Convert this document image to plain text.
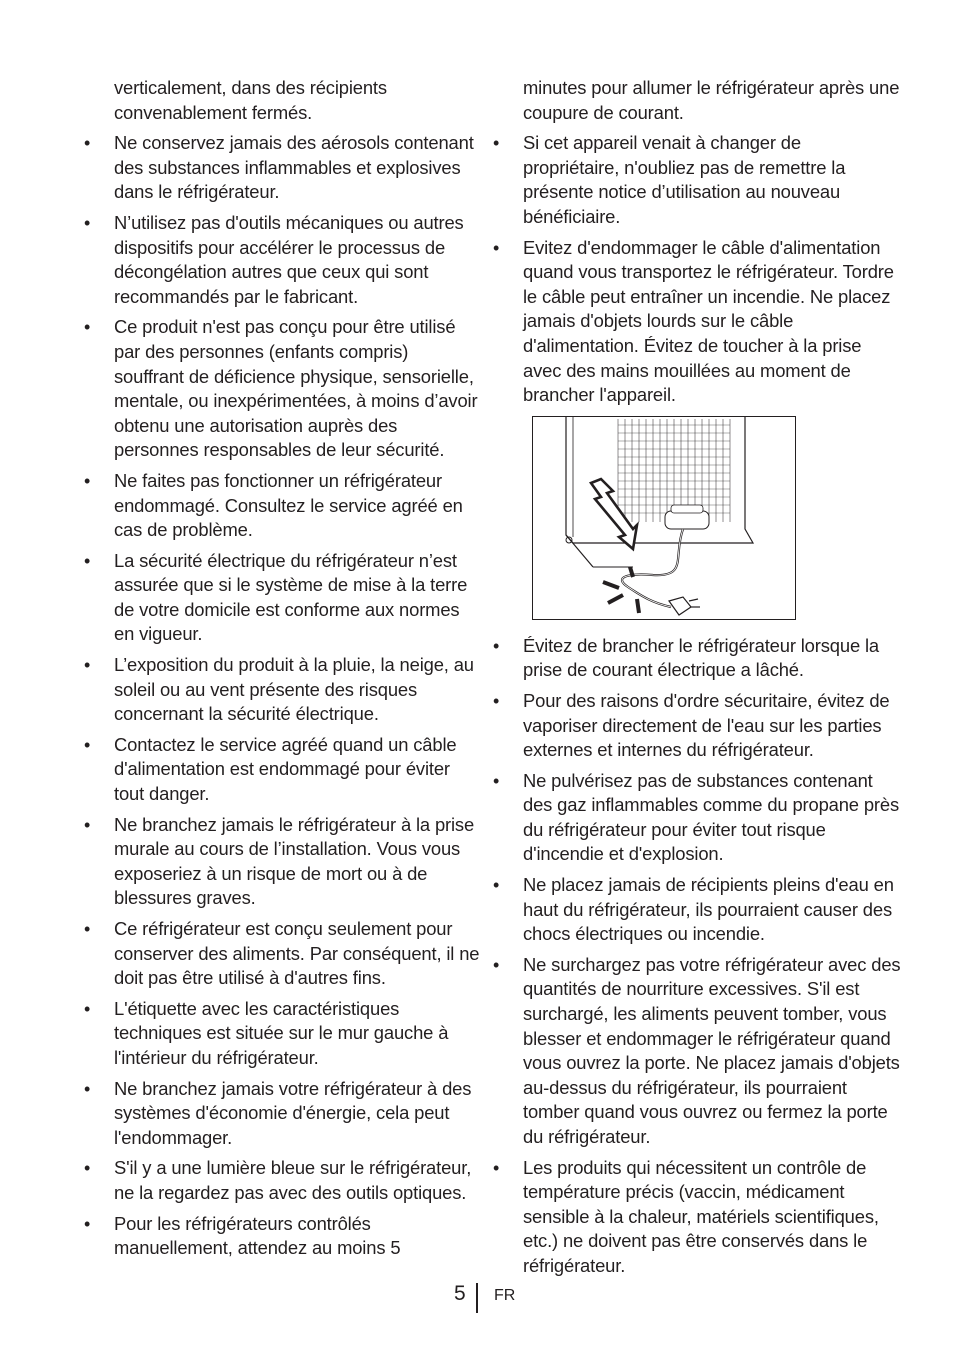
verticalement, dans des récipients convenablement fermés.

• Ne conservez jamais des aérosols contenant des substances inflammables et explosives dans le réfrigérateur.
• N’utilisez pas d'outils mécaniques ou autres dispositifs pour accélérer le processus de décongélation autres que ceux qui sont recommandés par le fabricant.
• Ce produit n'est pas conçu pour être utilisé par des personnes (enfants compris) souffrant de déficience physique, sensorielle, mentale, ou inexpérimentées, à moins d’avoir obtenu une autorisation auprès des personnes responsables de leur sécurité.
• Ne faites pas fonctionner un réfrigérateur endommagé. Consultez le service agréé en cas de problème.
• La sécurité électrique du réfrigérateur n’est assurée que si le système de mise à la terre de votre domicile est conforme aux normes en vigueur.
• L’exposition du produit à la pluie, la neige, au soleil ou au vent présente des risques concernant la sécurité électrique.
• Contactez le service agréé quand un câble d'alimentation est endommagé pour éviter tout danger.
• Ne branchez jamais le réfrigérateur à la prise murale au cours de l’installation. Vous vous exposeriez à un risque de mort ou à de blessures graves.
• Ce réfrigérateur est conçu seulement pour conserver des aliments. Par conséquent, il ne doit pas être utilisé à d'autres fins.
• L'étiquette avec les caractéristiques techniques est située sur le mur gauche à l'intérieur du réfrigérateur.
• Ne branchez jamais votre réfrigérateur à des systèmes d'économie d'énergie, cela peut l'endommager.
• S'il y a une lumière bleue sur le réfrigérateur, ne la regardez pas avec des outils optiques.
• Pour les réfrigérateurs contrôlés manuellement, attendez au moins 5

minutes pour allumer le réfrigérateur après une coupure de courant.

• Si cet appareil venait à changer de propriétaire, n'oubliez pas de remettre la présente notice d’utilisation au nouveau bénéficiaire.
• Evitez d'endommager le câble d'alimentation quand vous transportez le réfrigérateur. Tordre le câble peut entraîner un incendie. Ne placez jamais d'objets lourds sur le câble d'alimentation. Évitez de toucher à la prise avec des mains mouillées au moment de brancher l'appareil.
• Évitez de brancher le réfrigérateur lorsque la prise de courant électrique a lâché.
• Pour des raisons d'ordre sécuritaire, évitez de vaporiser directement de l'eau sur les parties externes et internes du réfrigérateur.
• Ne pulvérisez pas de substances contenant des gaz inflammables comme du propane près du réfrigérateur pour éviter tout risque d'incendie et d'explosion.
• Ne placez jamais de récipients pleins d'eau en haut du réfrigérateur, ils pourraient causer des chocs électriques ou incendie.
• Ne surchargez pas votre réfrigérateur avec des quantités de nourriture excessives. S'il est surchargé, les aliments peuvent tomber, vous blesser et endommager le réfrigérateur quand vous ouvrez la porte. Ne placez jamais d'objets au-dessus du réfrigérateur, ils pourraient tomber quand vous ouvrez ou fermez la porte du réfrigérateur.
• Les produits qui nécessitent un contrôle de température précis (vaccin, médicament sensible à la chaleur, matériels scientifiques, etc.) ne doivent pas être conservés dans le réfrigérateur.
5 FR
